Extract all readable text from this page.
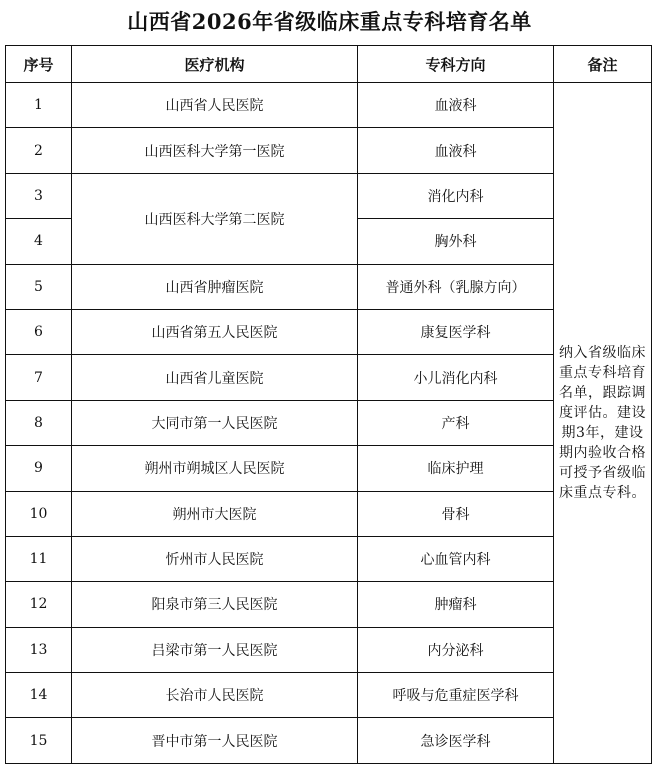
山西省2026年省级临床重点专科培育名单
序号	医疗机构	专科方向	备注
1	山西省人民医院	血液科	纳入省级临床重点专科培育名单，跟踪调度评估。建设期3年，建设期内验收合格可授予省级临床重点专科。
2	山西医科大学第一医院	血液科	
3	山西医科大学第二医院	消化内科	
4		胸外科	
5	山西省肿瘤医院	普通外科（乳腺方向）	
6	山西省第五人民医院	康复医学科	
7	山西省儿童医院	小儿消化内科	
8	大同市第一人民医院	产科	
9	朔州市朔城区人民医院	临床护理	
10	朔州市大医院	骨科	
11	忻州市人民医院	心血管内科	
12	阳泉市第三人民医院	肿瘤科	
13	吕梁市第一人民医院	内分泌科	
14	长治市人民医院	呼吸与危重症医学科	
15	晋中市第一人民医院	急诊医学科	
